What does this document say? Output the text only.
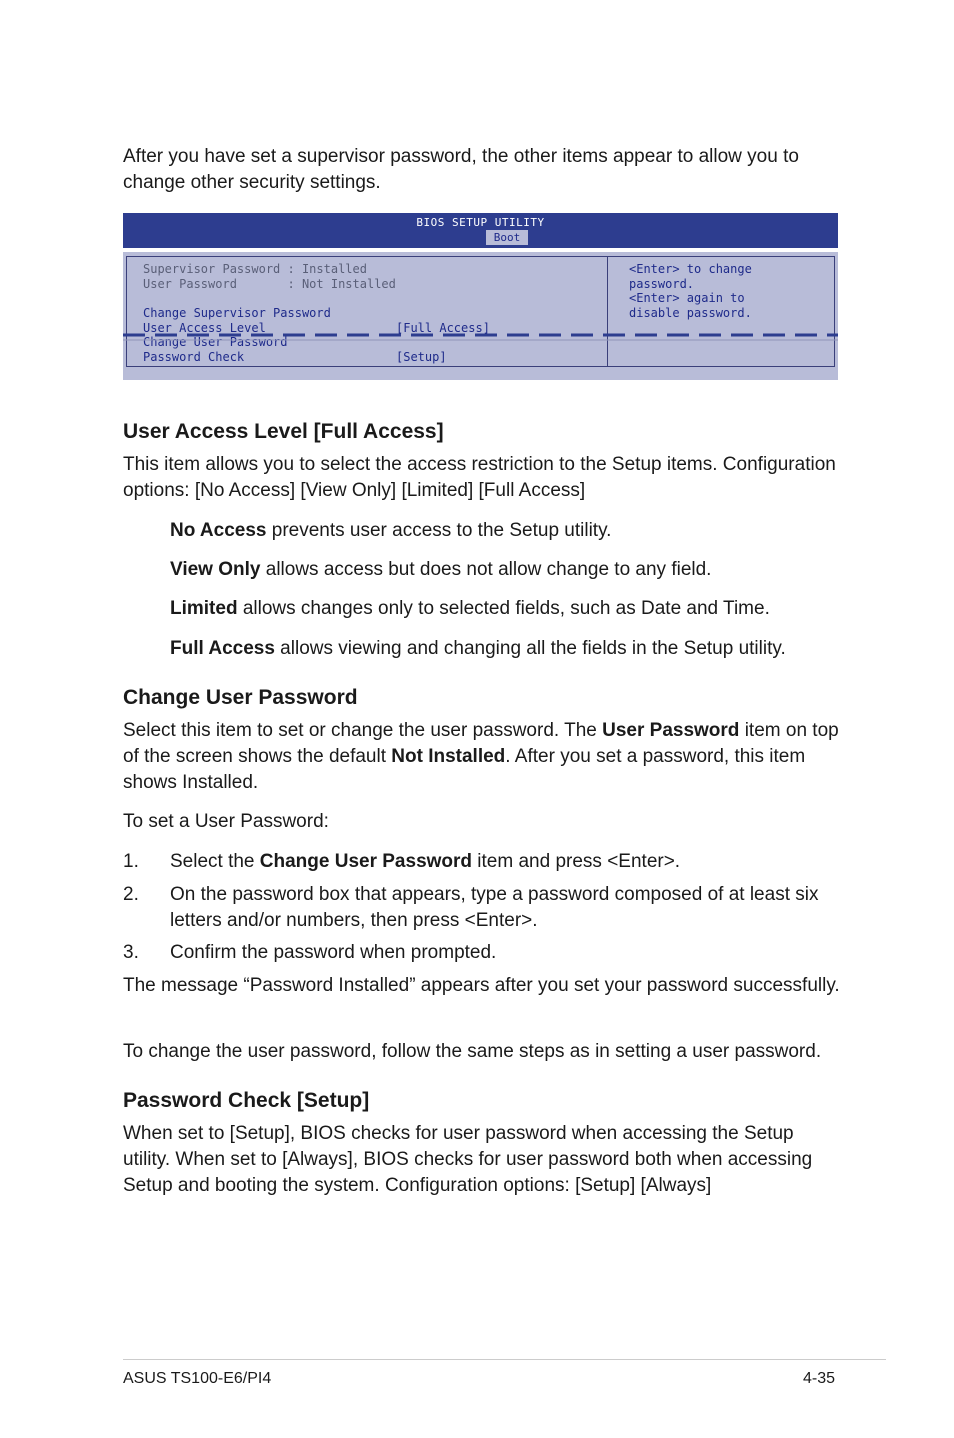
After you have set a supervisor password, the other items appear to allow you to change other security settings.

BIOS SETUP UTILITY
Boot
Supervisor Password : Installed
User Password       : Not Installed
Change Supervisor Password
User Access Level	[Full Access]
Change User Password
Password Check	[Setup]
<Enter> to change
password.
<Enter> again to
disable password.
User Access Level [Full Access]

This item allows you to select the access restriction to the Setup items. Configuration options: [No Access] [View Only] [Limited] [Full Access]

No Access prevents user access to the Setup utility.

View Only allows access but does not allow change to any field.

Limited allows changes only to selected fields, such as Date and Time.

Full Access allows viewing and changing all the fields in the Setup utility.

Change User Password

Select this item to set or change the user password. The User Password item on top of the screen shows the default Not Installed. After you set a password, this item shows Installed.

To set a User Password:

1. Select the Change User Password item and press <Enter>.

2. On the password box that appears, type a password composed of at least six letters and/or numbers, then press <Enter>.

3. Confirm the password when prompted.

The message “Password Installed” appears after you set your password successfully.

To change the user password, follow the same steps as in setting a user password.

Password Check [Setup]

When set to [Setup], BIOS checks for user password when accessing the Setup utility. When set to [Always], BIOS checks for user password both when accessing Setup and booting the system. Configuration options: [Setup] [Always]

ASUS TS100-E6/PI4	4-35
